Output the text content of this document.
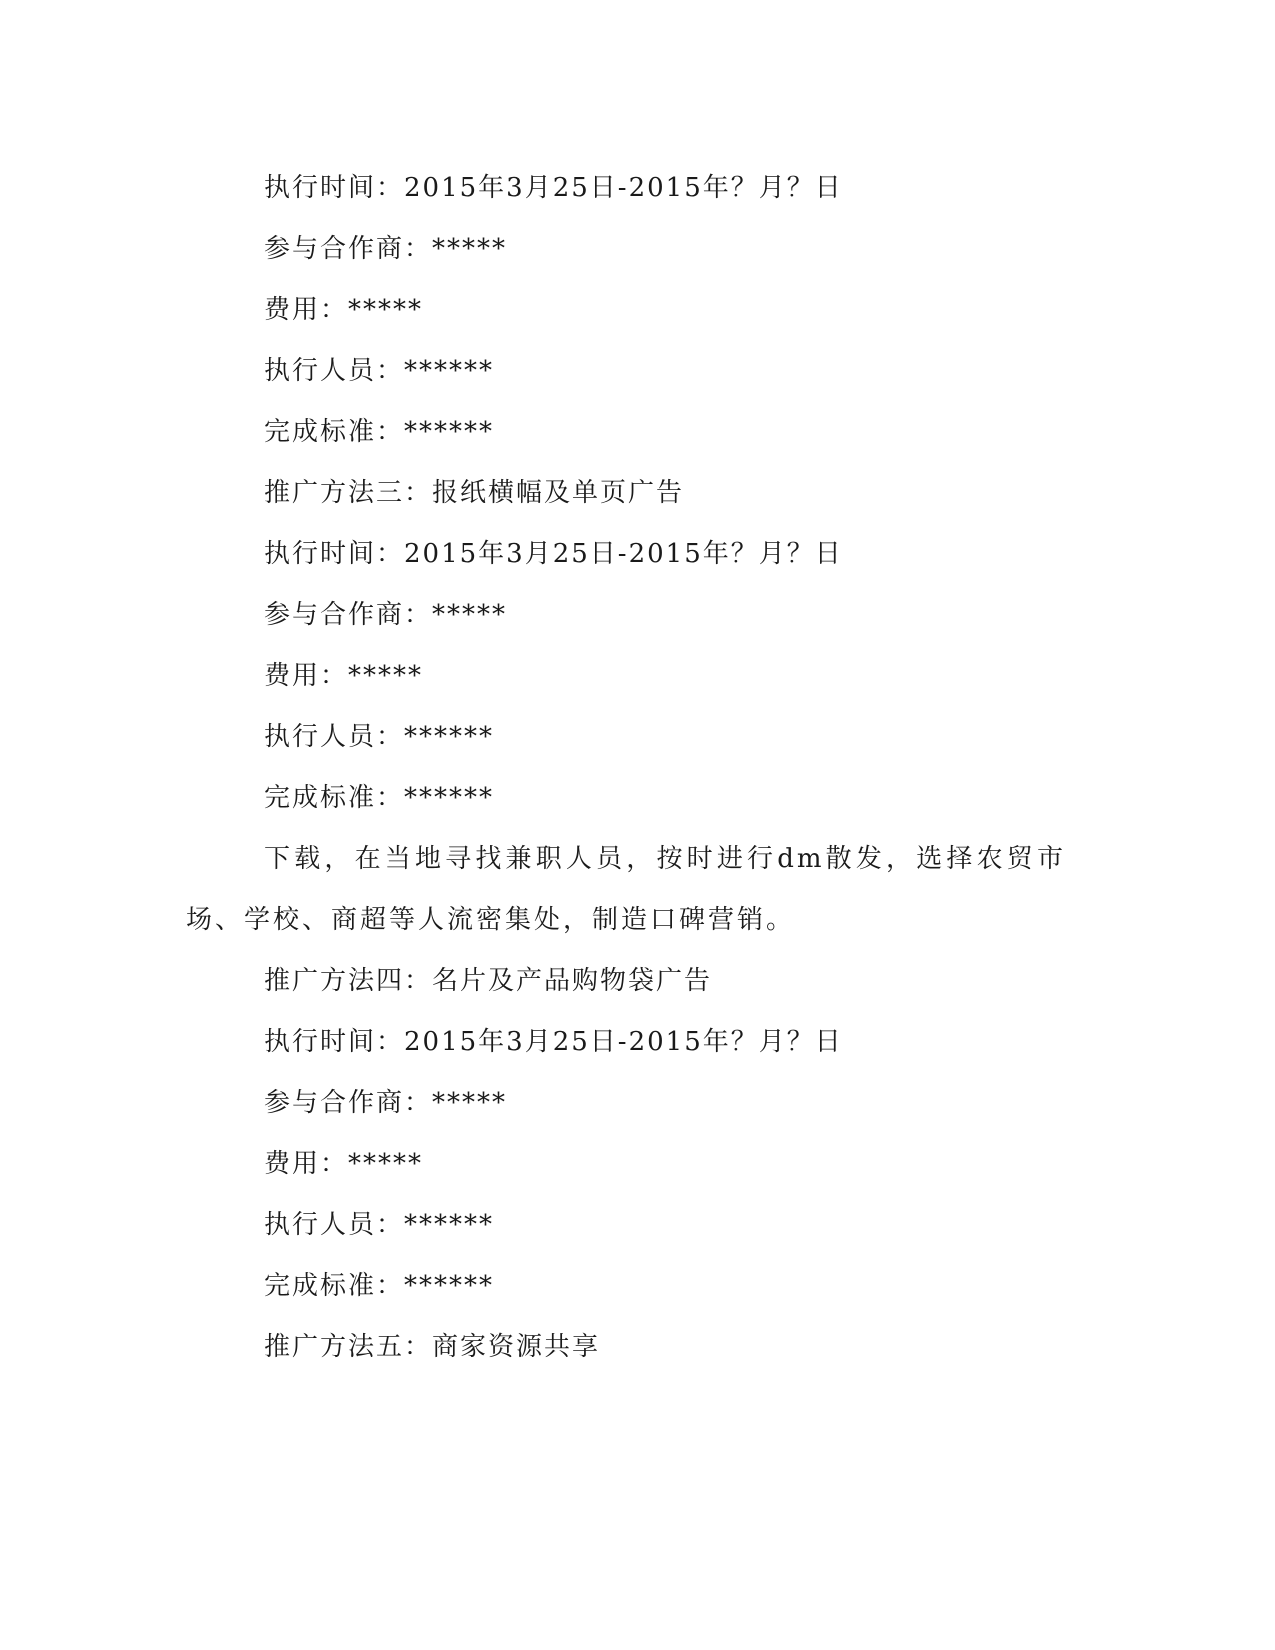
执行时间：2015年3月25日-2015年？月？日

参与合作商：*****

费用：*****

执行人员：******

完成标准：******

推广方法三：报纸横幅及单页广告

执行时间：2015年3月25日-2015年？月？日

参与合作商：*****

费用：*****

执行人员：******

完成标准：******

下载，在当地寻找兼职人员，按时进行dm散发，选择农贸市场、学校、商超等人流密集处，制造口碑营销。

推广方法四：名片及产品购物袋广告

执行时间：2015年3月25日-2015年？月？日

参与合作商：*****

费用：*****

执行人员：******

完成标准：******

推广方法五：商家资源共享
